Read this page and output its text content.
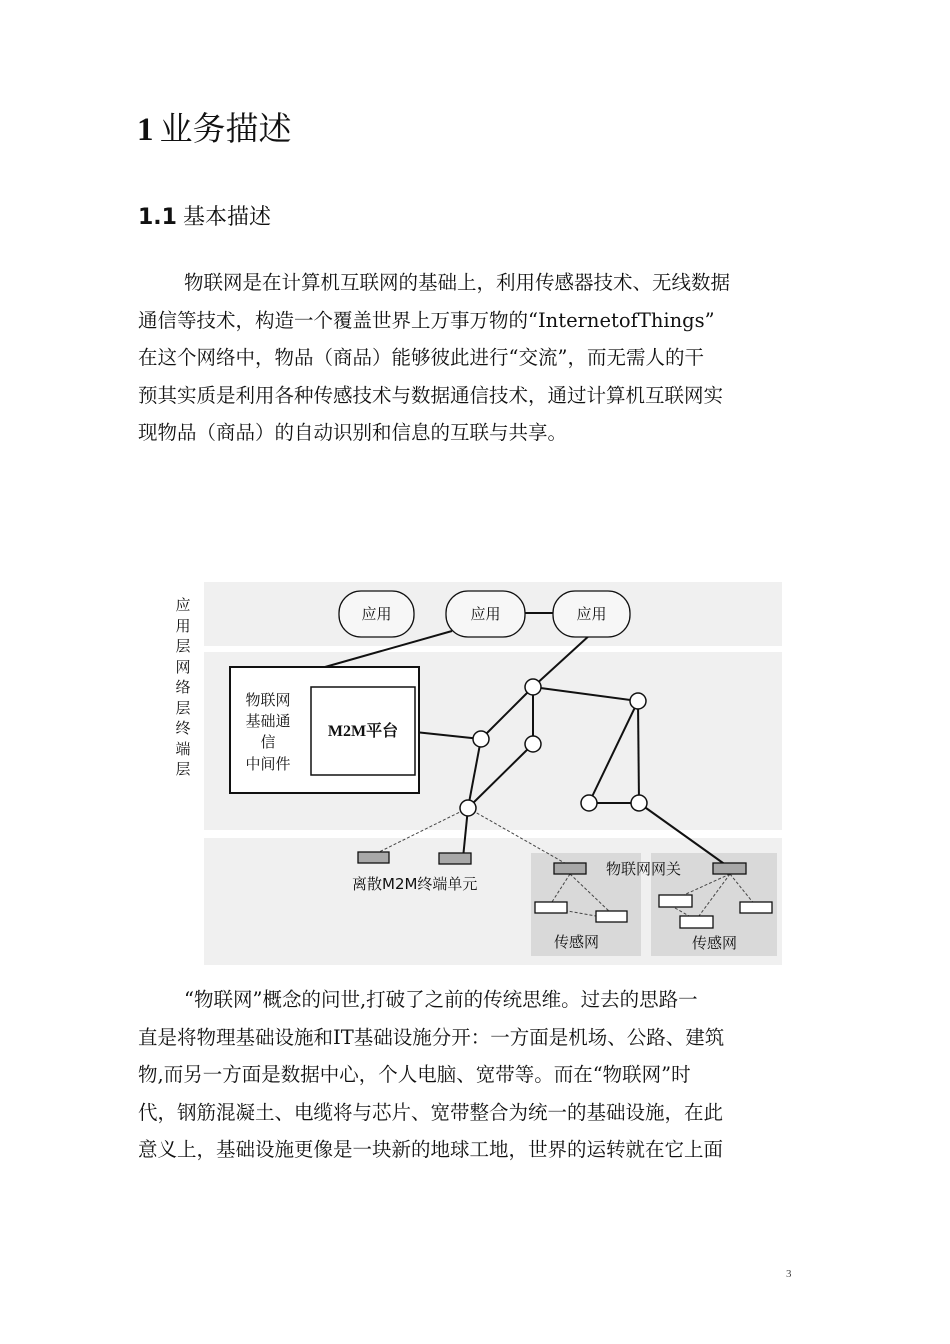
1 业务描述
1.1 基本描述
物联网是在计算机互联网的基础上，利用传感器技术、无线数据
通信等技术，构造一个覆盖世界上万事万物的“InternetofThings”
在这个网络中，物品（商品）能够彼此进行“交流”，而无需人的干
预其实质是利用各种传感技术与数据通信技术，通过计算机互联网实
现物品（商品）的自动识别和信息的互联与共享。
应用层网络层终端层
应用	应用	应用
物联网
基础通
信
中间件
M2M平台
离散M2M终端单元
物联网网关
传感网	传感网
“物联网”概念的问世,打破了之前的传统思维。过去的思路一
直是将物理基础设施和IT基础设施分开：一方面是机场、公路、建筑
物,而另一方面是数据中心，个人电脑、宽带等。而在“物联网”时
代，钢筋混凝土、电缆将与芯片、宽带整合为统一的基础设施，在此
意义上，基础设施更像是一块新的地球工地，世界的运转就在它上面
3
